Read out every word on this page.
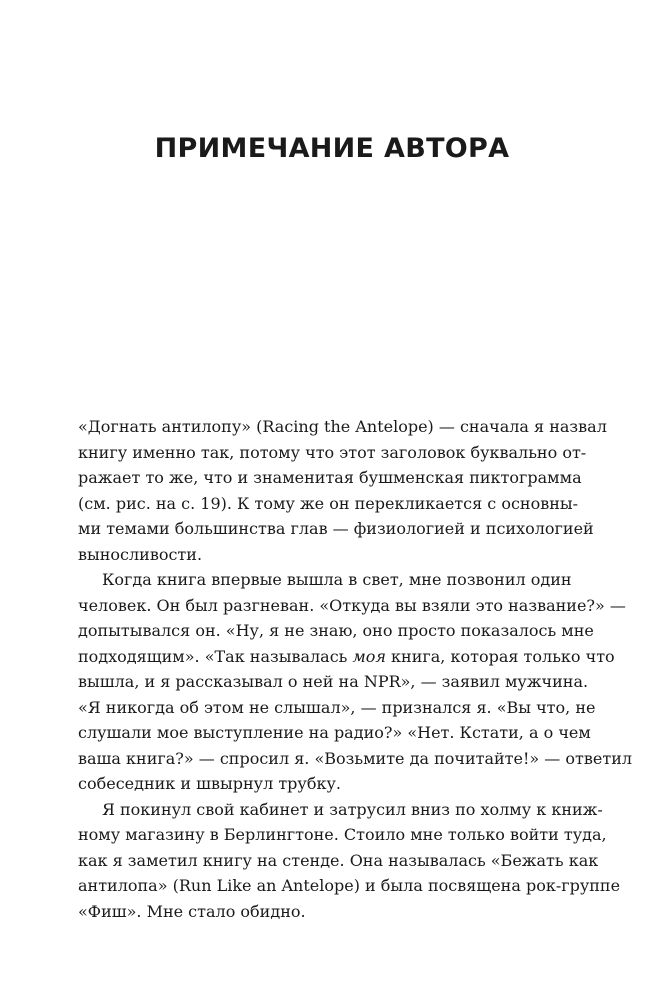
ПРИМЕЧАНИЕ АВТОРА
«Догнать антилопу» (Racing the Antelope) — сначала я назвал
книгу именно так, потому что этот заголовок буквально от-
ражает то же, что и знаменитая бушменская пиктограмма
(см. рис. на с. 19). К тому же он перекликается с основны-
ми темами большинства глав — физиологией и психологией
выносливости.
Когда книга впервые вышла в свет, мне позвонил один
человек. Он был разгневан. «Откуда вы взяли это название?» —
допытывался он. «Ну, я не знаю, оно просто показалось мне
подходящим». «Так называлась моя книга, которая только что
вышла, и я рассказывал о ней на NPR», — заявил мужчина.
«Я никогда об этом не слышал», — признался я. «Вы что, не
слушали мое выступление на радио?» «Нет. Кстати, а о чем
ваша книга?» — спросил я. «Возьмите да почитайте!» — ответил
собеседник и швырнул трубку.
Я покинул свой кабинет и затрусил вниз по холму к книж-
ному магазину в Берлингтоне. Стоило мне только войти туда,
как я заметил книгу на стенде. Она называлась «Бежать как
антилопа» (Run Like an Antelope) и была посвящена рок-группе
«Фиш». Мне стало обидно.
